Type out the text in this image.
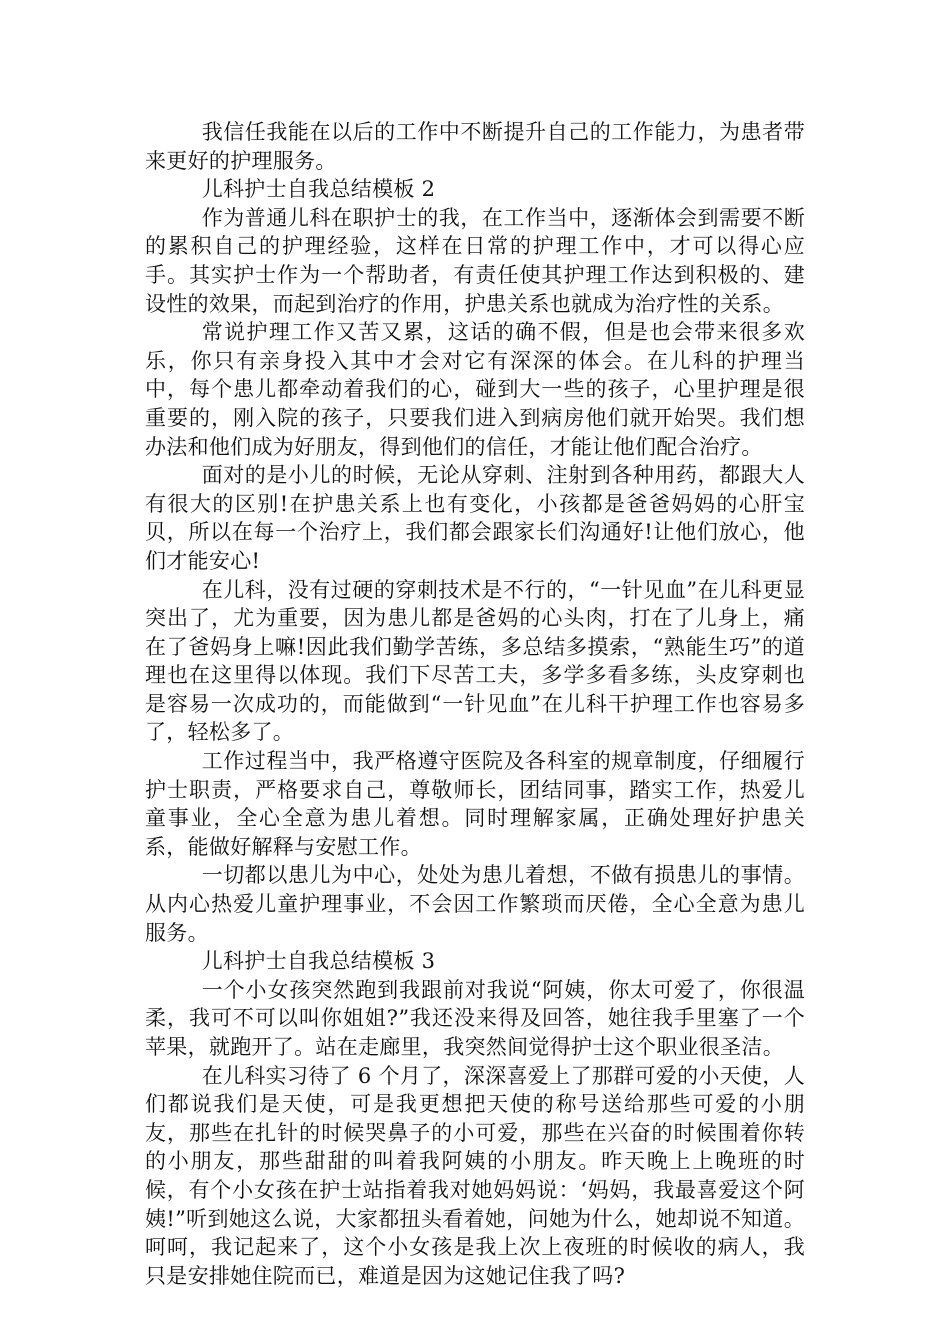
我信任我能在以后的工作中不断提升自己的工作能力，为患者带来更好的护理服务。

儿科护士自我总结模板 2

作为普通儿科在职护士的我，在工作当中，逐渐体会到需要不断的累积自己的护理经验，这样在日常的护理工作中，才可以得心应手。其实护士作为一个帮助者，有责任使其护理工作达到积极的、建设性的效果，而起到治疗的作用，护患关系也就成为治疗性的关系。

常说护理工作又苦又累，这话的确不假，但是也会带来很多欢乐，你只有亲身投入其中才会对它有深深的体会。在儿科的护理当中，每个患儿都牵动着我们的心，碰到大一些的孩子，心里护理是很重要的，刚入院的孩子，只要我们进入到病房他们就开始哭。我们想办法和他们成为好朋友，得到他们的信任，才能让他们配合治疗。

面对的是小儿的时候，无论从穿刺、注射到各种用药，都跟大人有很大的区别!在护患关系上也有变化，小孩都是爸爸妈妈的心肝宝贝，所以在每一个治疗上，我们都会跟家长们沟通好!让他们放心，他们才能安心!

在儿科，没有过硬的穿刺技术是不行的，“一针见血”在儿科更显突出了，尤为重要，因为患儿都是爸妈的心头肉，打在了儿身上，痛在了爸妈身上嘛!因此我们勤学苦练，多总结多摸索，“熟能生巧”的道理也在这里得以体现。我们下尽苦工夫，多学多看多练，头皮穿刺也是容易一次成功的，而能做到“一针见血”在儿科干护理工作也容易多了，轻松多了。

工作过程当中，我严格遵守医院及各科室的规章制度，仔细履行护士职责，严格要求自己，尊敬师长，团结同事，踏实工作，热爱儿童事业，全心全意为患儿着想。同时理解家属，正确处理好护患关系，能做好解释与安慰工作。

一切都以患儿为中心，处处为患儿着想，不做有损患儿的事情。从内心热爱儿童护理事业，不会因工作繁琐而厌倦，全心全意为患儿服务。

儿科护士自我总结模板 3

一个小女孩突然跑到我跟前对我说“阿姨，你太可爱了，你很温柔，我可不可以叫你姐姐?”我还没来得及回答，她往我手里塞了一个苹果，就跑开了。站在走廊里，我突然间觉得护士这个职业很圣洁。

在儿科实习待了 6 个月了，深深喜爱上了那群可爱的小天使，人们都说我们是天使，可是我更想把天使的称号送给那些可爱的小朋友，那些在扎针的时候哭鼻子的小可爱，那些在兴奋的时候围着你转的小朋友，那些甜甜的叫着我阿姨的小朋友。昨天晚上上晚班的时候，有个小女孩在护士站指着我对她妈妈说：‘妈妈，我最喜爱这个阿姨!”听到她这么说，大家都扭头看着她，问她为什么，她却说不知道。呵呵，我记起来了，这个小女孩是我上次上夜班的时候收的病人，我只是安排她住院而已，难道是因为这她记住我了吗?
